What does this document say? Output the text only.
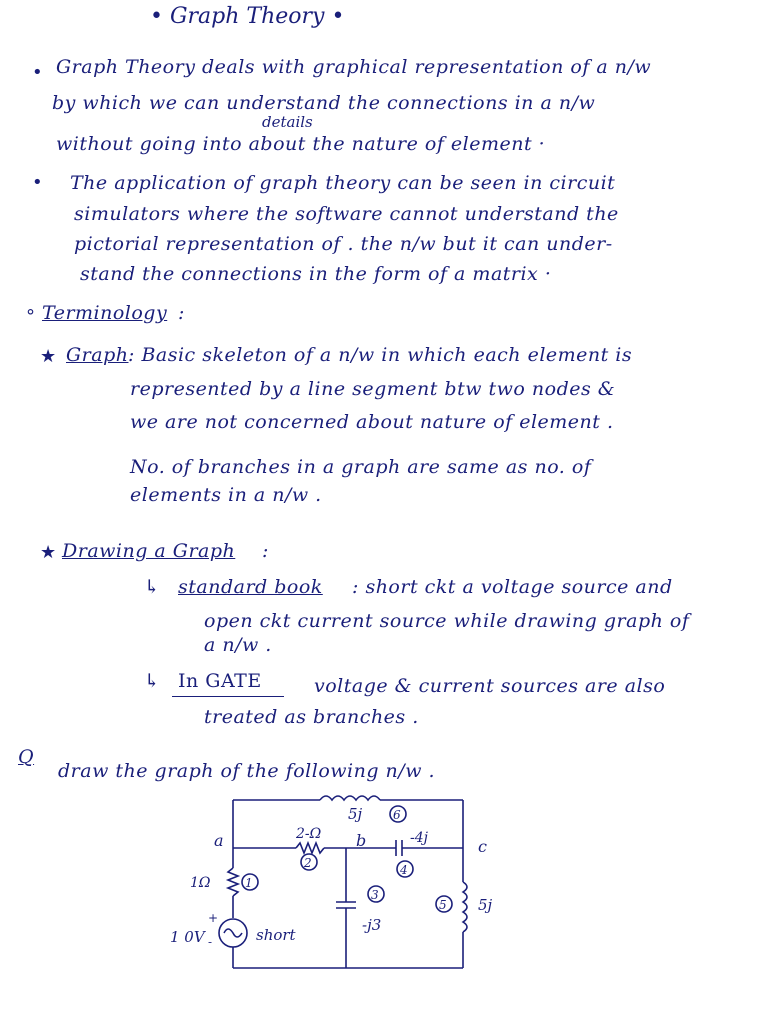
• Graph Theory •
• Graph Theory deals with graphical representation of a n/w
by which we can understand the connections in a n/w
details
without going into about the nature of element ·
• The application of graph theory can be seen in circuit
simulators where the software cannot understand the
pictorial representation of . the n/w but it can under-
stand the connections in the form of a matrix ·
° Terminology :
★ Graph : Basic skeleton of a n/w in which each element is
represented by a line segment btw two nodes &
we are not concerned about nature of element .
No. of branches in a graph are same as no. of
elements in a n/w .
★ Drawing a Graph :
↳ standard book : short ckt a voltage source and
open ckt current source while drawing graph of
a n/w .
↳ In GATE	voltage & current sources are also
treated as branches .
Q
draw the graph of the following n/w .
5j	6
a	b	c
2-Ω
2
-4j
4
1Ω	1
1 0V
+
-	short
3
-j3
5 5j
